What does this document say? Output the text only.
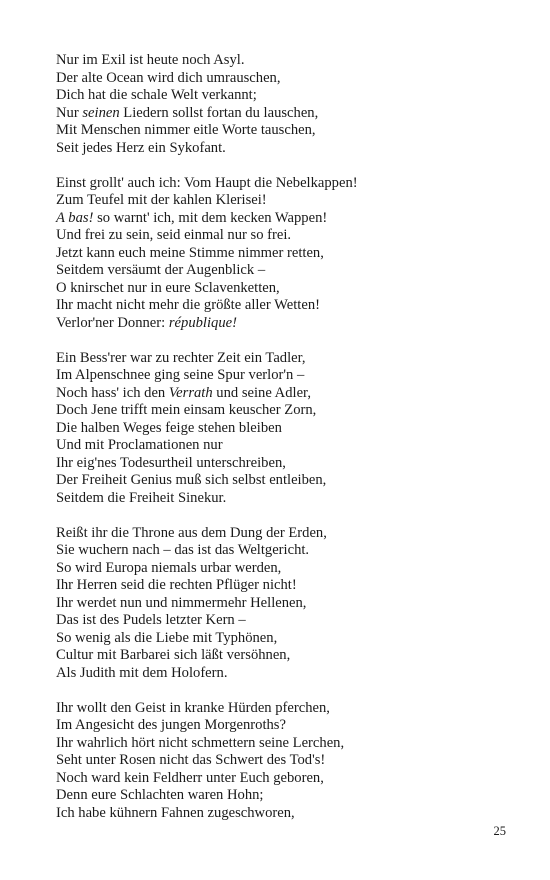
Nur im Exil ist heute noch Asyl.
Der alte Ocean wird dich umrauschen,
Dich hat die schale Welt verkannt;
Nur seinen Liedern sollst fortan du lauschen,
Mit Menschen nimmer eitle Worte tauschen,
Seit jedes Herz ein Sykofant.
Einst grollt' auch ich: Vom Haupt die Nebelkappen!
Zum Teufel mit der kahlen Klerisei!
A bas! so warnt' ich, mit dem kecken Wappen!
Und frei zu sein, seid einmal nur so frei.
Jetzt kann euch meine Stimme nimmer retten,
Seitdem versäumt der Augenblick –
O knirschet nur in eure Sclavenketten,
Ihr macht nicht mehr die größte aller Wetten!
Verlor'ner Donner: république!
Ein Bess'rer war zu rechter Zeit ein Tadler,
Im Alpenschnee ging seine Spur verlor'n –
Noch hass' ich den Verrath und seine Adler,
Doch Jene trifft mein einsam keuscher Zorn,
Die halben Weges feige stehen bleiben
Und mit Proclamationen nur
Ihr eig'nes Todesurtheil unterschreiben,
Der Freiheit Genius muß sich selbst entleiben,
Seitdem die Freiheit Sinekur.
Reißt ihr die Throne aus dem Dung der Erden,
Sie wuchern nach – das ist das Weltgericht.
So wird Europa niemals urbar werden,
Ihr Herren seid die rechten Pflüger nicht!
Ihr werdet nun und nimmermehr Hellenen,
Das ist des Pudels letzter Kern –
So wenig als die Liebe mit Typhönen,
Cultur mit Barbarei sich läßt versöhnen,
Als Judith mit dem Holofern.
Ihr wollt den Geist in kranke Hürden pferchen,
Im Angesicht des jungen Morgenroths?
Ihr wahrlich hört nicht schmettern seine Lerchen,
Seht unter Rosen nicht das Schwert des Tod's!
Noch ward kein Feldherr unter Euch geboren,
Denn eure Schlachten waren Hohn;
Ich habe kühnern Fahnen zugeschworen,
25
